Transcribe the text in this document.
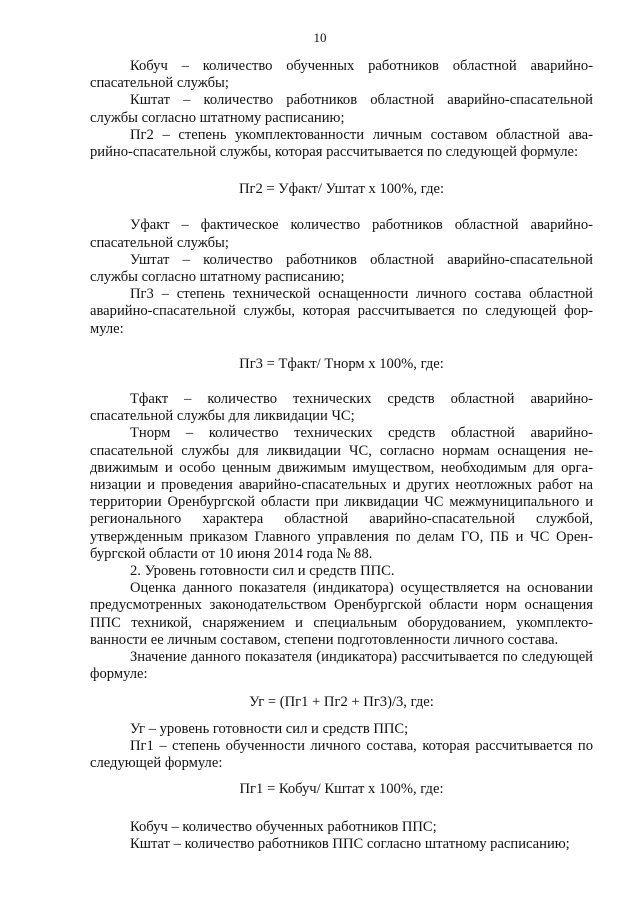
10

Кобуч – количество обученных работников областной аварийно-спасательной службы;

Кштат – количество работников областной аварийно-спасательной службы согласно штатному расписанию;

Пг2 – степень укомплектованности личным составом областной аварийно-спасательной службы, которая рассчитывается по следующей формуле:

Пг2 = Уфакт/ Уштат х 100%, где:

Уфакт – фактическое количество работников областной аварийно-спасательной службы;

Уштат – количество работников областной аварийно-спасательной службы согласно штатному расписанию;

Пг3 – степень технической оснащенности личного состава областной аварийно-спасательной службы, которая рассчитывается по следующей формуле:

Пг3 = Тфакт/ Тнорм х 100%, где:

Тфакт – количество технических средств областной аварийно-спасательной службы для ликвидации ЧС;

Тнорм – количество технических средств областной аварийно-спасательной службы для ликвидации ЧС, согласно нормам оснащения недвижимым и особо ценным движимым имуществом, необходимым для организации и проведения аварийно-спасательных и других неотложных работ на территории Оренбургской области при ликвидации ЧС межмуниципального и регионального характера областной аварийно-спасательной службой, утвержденным приказом Главного управления по делам ГО, ПБ и ЧС Оренбургской области от 10 июня 2014 года № 88.

2. Уровень готовности сил и средств ППС.

Оценка данного показателя (индикатора) осуществляется на основании предусмотренных законодательством Оренбургской области норм оснащения ППС техникой, снаряжением и специальным оборудованием, укомплектованности ее личным составом, степени подготовленности личного состава.

Значение данного показателя (индикатора) рассчитывается по следующей формуле:

Уг = (Пг1 + Пг2 + Пг3)/3, где:

Уг – уровень готовности сил и средств ППС;

Пг1 – степень обученности личного состава, которая рассчитывается по следующей формуле:

Пг1 = Кобуч/ Кштат х 100%, где:

Кобуч – количество обученных работников ППС;

Кштат – количество работников ППС согласно штатному расписанию;
